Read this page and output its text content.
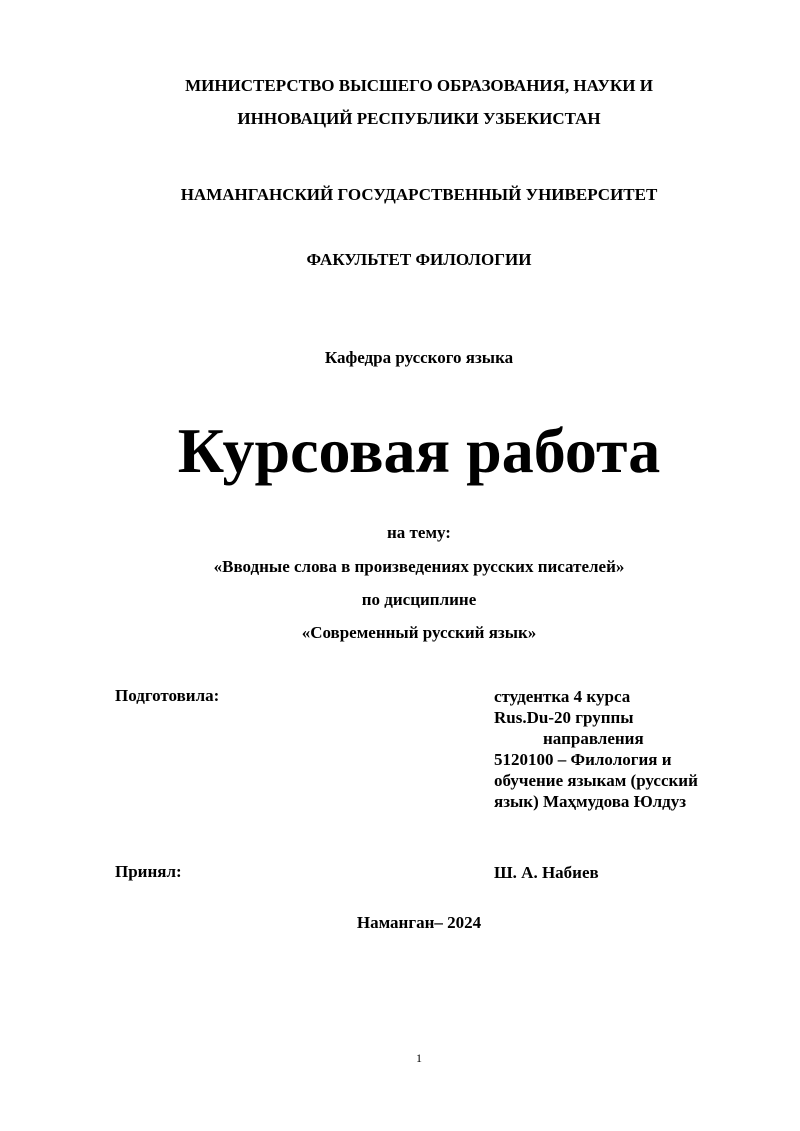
МИНИСТЕРСТВО ВЫСШЕГО ОБРАЗОВАНИЯ, НАУКИ И
ИННОВАЦИЙ РЕСПУБЛИКИ УЗБЕКИСТАН
НАМАНГАНСКИЙ ГОСУДАРСТВЕННЫЙ УНИВЕРСИТЕТ
ФАКУЛЬТЕТ ФИЛОЛОГИИ
Кафедра русского языка
Курсовая работа
на тему:
«Вводные слова в произведениях русских писателей»
по дисциплине
«Современный русский язык»
Подготовила:	студентка 4 курса
Rus.Du-20 группы
направления
5120100 – Филология и
обучение языкам (русский
язык) Маҳмудова Юлдуз
Принял:	Ш. А. Набиев
Наманган– 2024
1
